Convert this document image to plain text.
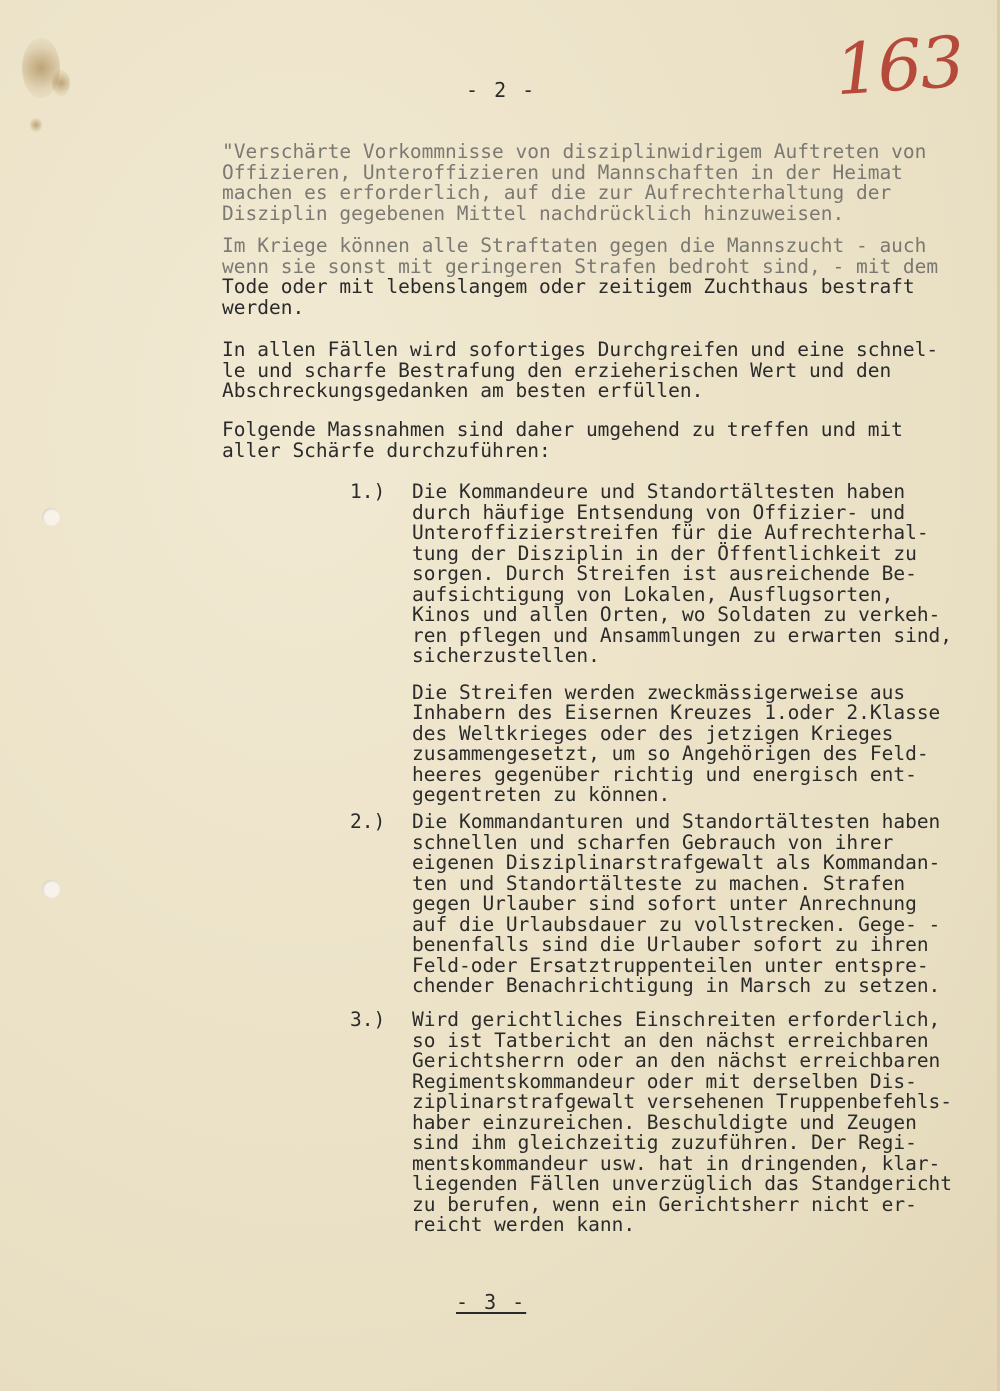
- 2 -	163
"Verschärte Vorkommnisse von disziplinwidrigem Auftreten von
Offizieren, Unteroffizieren und Mannschaften in der Heimat
machen es erforderlich, auf die zur Aufrechterhaltung der
Disziplin gegebenen Mittel nachdrücklich hinzuweisen.
Im Kriege können alle Straftaten gegen die Mannszucht - auch
wenn sie sonst mit geringeren Strafen bedroht sind, - mit dem
Tode oder mit lebenslangem oder zeitigem Zuchthaus bestraft
werden.
In allen Fällen wird sofortiges Durchgreifen und eine schnel-
le und scharfe Bestrafung den erzieherischen Wert und den
Abschreckungsgedanken am besten erfüllen.
Folgende Massnahmen sind daher umgehend zu treffen und mit
aller Schärfe durchzuführen:
1.) Die Kommandeure und Standortältesten haben
durch häufige Entsendung von Offizier- und
Unteroffizierstreifen für die Aufrechterhal-
tung der Disziplin in der Öffentlichkeit zu
sorgen. Durch Streifen ist ausreichende Be-
aufsichtigung von Lokalen, Ausflugsorten,
Kinos und allen Orten, wo Soldaten zu verkeh-
ren pflegen und Ansammlungen zu erwarten sind,
sicherzustellen.
Die Streifen werden zweckmässigerweise aus
Inhabern des Eisernen Kreuzes 1.oder 2.Klasse
des Weltkrieges oder des jetzigen Krieges
zusammengesetzt, um so Angehörigen des Feld-
heeres gegenüber richtig und energisch ent-
gegentreten zu können.
2.) Die Kommandanturen und Standortältesten haben
schnellen und scharfen Gebrauch von ihrer
eigenen Disziplinarstrafgewalt als Kommandan-
ten und Standortälteste zu machen. Strafen
gegen Urlauber sind sofort unter Anrechnung
auf die Urlaubsdauer zu vollstrecken. Gege- -
benenfalls sind die Urlauber sofort zu ihren
Feld-oder Ersatztruppenteilen unter entspre-
chender Benachrichtigung in Marsch zu setzen.
3.) Wird gerichtliches Einschreiten erforderlich,
so ist Tatbericht an den nächst erreichbaren
Gerichtsherrn oder an den nächst erreichbaren
Regimentskommandeur oder mit derselben Dis-
ziplinarstrafgewalt versehenen Truppenbefehls-
haber einzureichen. Beschuldigte und Zeugen
sind ihm gleichzeitig zuzuführen. Der Regi-
mentskommandeur usw. hat in dringenden, klar-
liegenden Fällen unverzüglich das Standgericht
zu berufen, wenn ein Gerichtsherr nicht er-
reicht werden kann.
- 3 -
